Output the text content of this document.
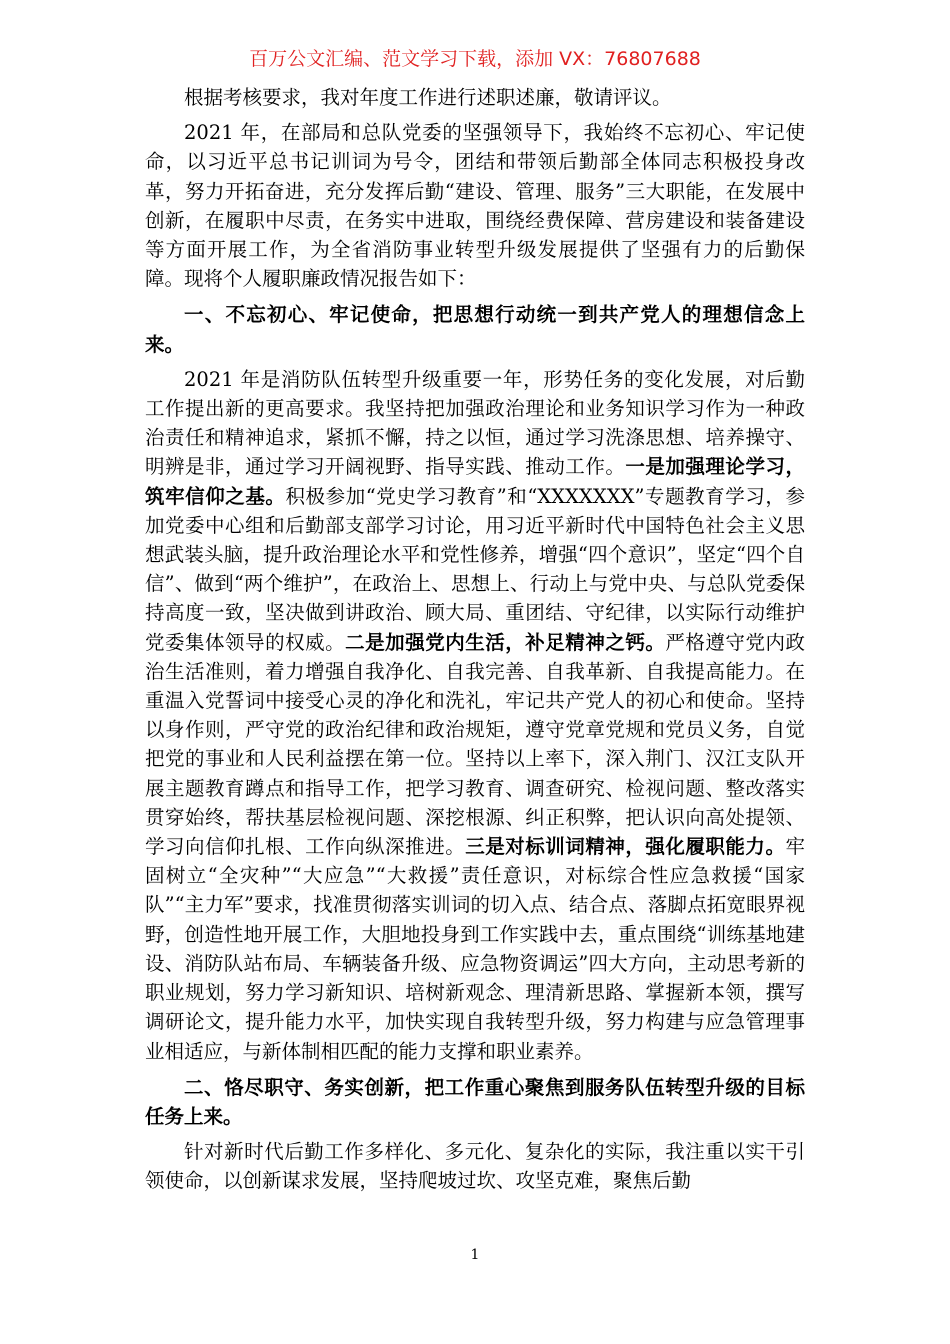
百万公文汇编、范文学习下载，添加 VX：76807688

根据考核要求，我对年度工作进行述职述廉，敬请评议。

2021 年，在部局和总队党委的坚强领导下，我始终不忘初心、牢记使命，以习近平总书记训词为号令，团结和带领后勤部全体同志积极投身改革，努力开拓奋进，充分发挥后勤“建设、管理、服务”三大职能，在发展中创新，在履职中尽责，在务实中进取，围绕经费保障、营房建设和装备建设等方面开展工作，为全省消防事业转型升级发展提供了坚强有力的后勤保障。现将个人履职廉政情况报告如下：

一、不忘初心、牢记使命，把思想行动统一到共产党人的理想信念上来。

2021 年是消防队伍转型升级重要一年，形势任务的变化发展，对后勤工作提出新的更高要求。我坚持把加强政治理论和业务知识学习作为一种政治责任和精神追求，紧抓不懈，持之以恒，通过学习洗涤思想、培养操守、明辨是非，通过学习开阔视野、指导实践、推动工作。一是加强理论学习，筑牢信仰之基。积极参加“党史学习教育”和“XXXXXXX”专题教育学习，参加党委中心组和后勤部支部学习讨论，用习近平新时代中国特色社会主义思想武装头脑，提升政治理论水平和党性修养，增强“四个意识”，坚定“四个自信”、做到“两个维护”，在政治上、思想上、行动上与党中央、与总队党委保持高度一致，坚决做到讲政治、顾大局、重团结、守纪律，以实际行动维护党委集体领导的权威。二是加强党内生活，补足精神之钙。严格遵守党内政治生活准则，着力增强自我净化、自我完善、自我革新、自我提高能力。在重温入党誓词中接受心灵的净化和洗礼，牢记共产党人的初心和使命。坚持以身作则，严守党的政治纪律和政治规矩，遵守党章党规和党员义务，自觉把党的事业和人民利益摆在第一位。坚持以上率下，深入荆门、汉江支队开展主题教育蹲点和指导工作，把学习教育、调查研究、检视问题、整改落实贯穿始终，帮扶基层检视问题、深挖根源、纠正积弊，把认识向高处提领、学习向信仰扎根、工作向纵深推进。三是对标训词精神，强化履职能力。牢固树立“全灾种”“大应急”“大救援”责任意识，对标综合性应急救援“国家队”“主力军”要求，找准贯彻落实训词的切入点、结合点、落脚点拓宽眼界视野，创造性地开展工作，大胆地投身到工作实践中去，重点围绕“训练基地建设、消防队站布局、车辆装备升级、应急物资调运”四大方向，主动思考新的职业规划，努力学习新知识、培树新观念、理清新思路、掌握新本领，撰写调研论文，提升能力水平，加快实现自我转型升级，努力构建与应急管理事业相适应，与新体制相匹配的能力支撑和职业素养。

二、恪尽职守、务实创新，把工作重心聚焦到服务队伍转型升级的目标任务上来。

针对新时代后勤工作多样化、多元化、复杂化的实际，我注重以实干引领使命，以创新谋求发展，坚持爬坡过坎、攻坚克难，聚焦后勤

1
